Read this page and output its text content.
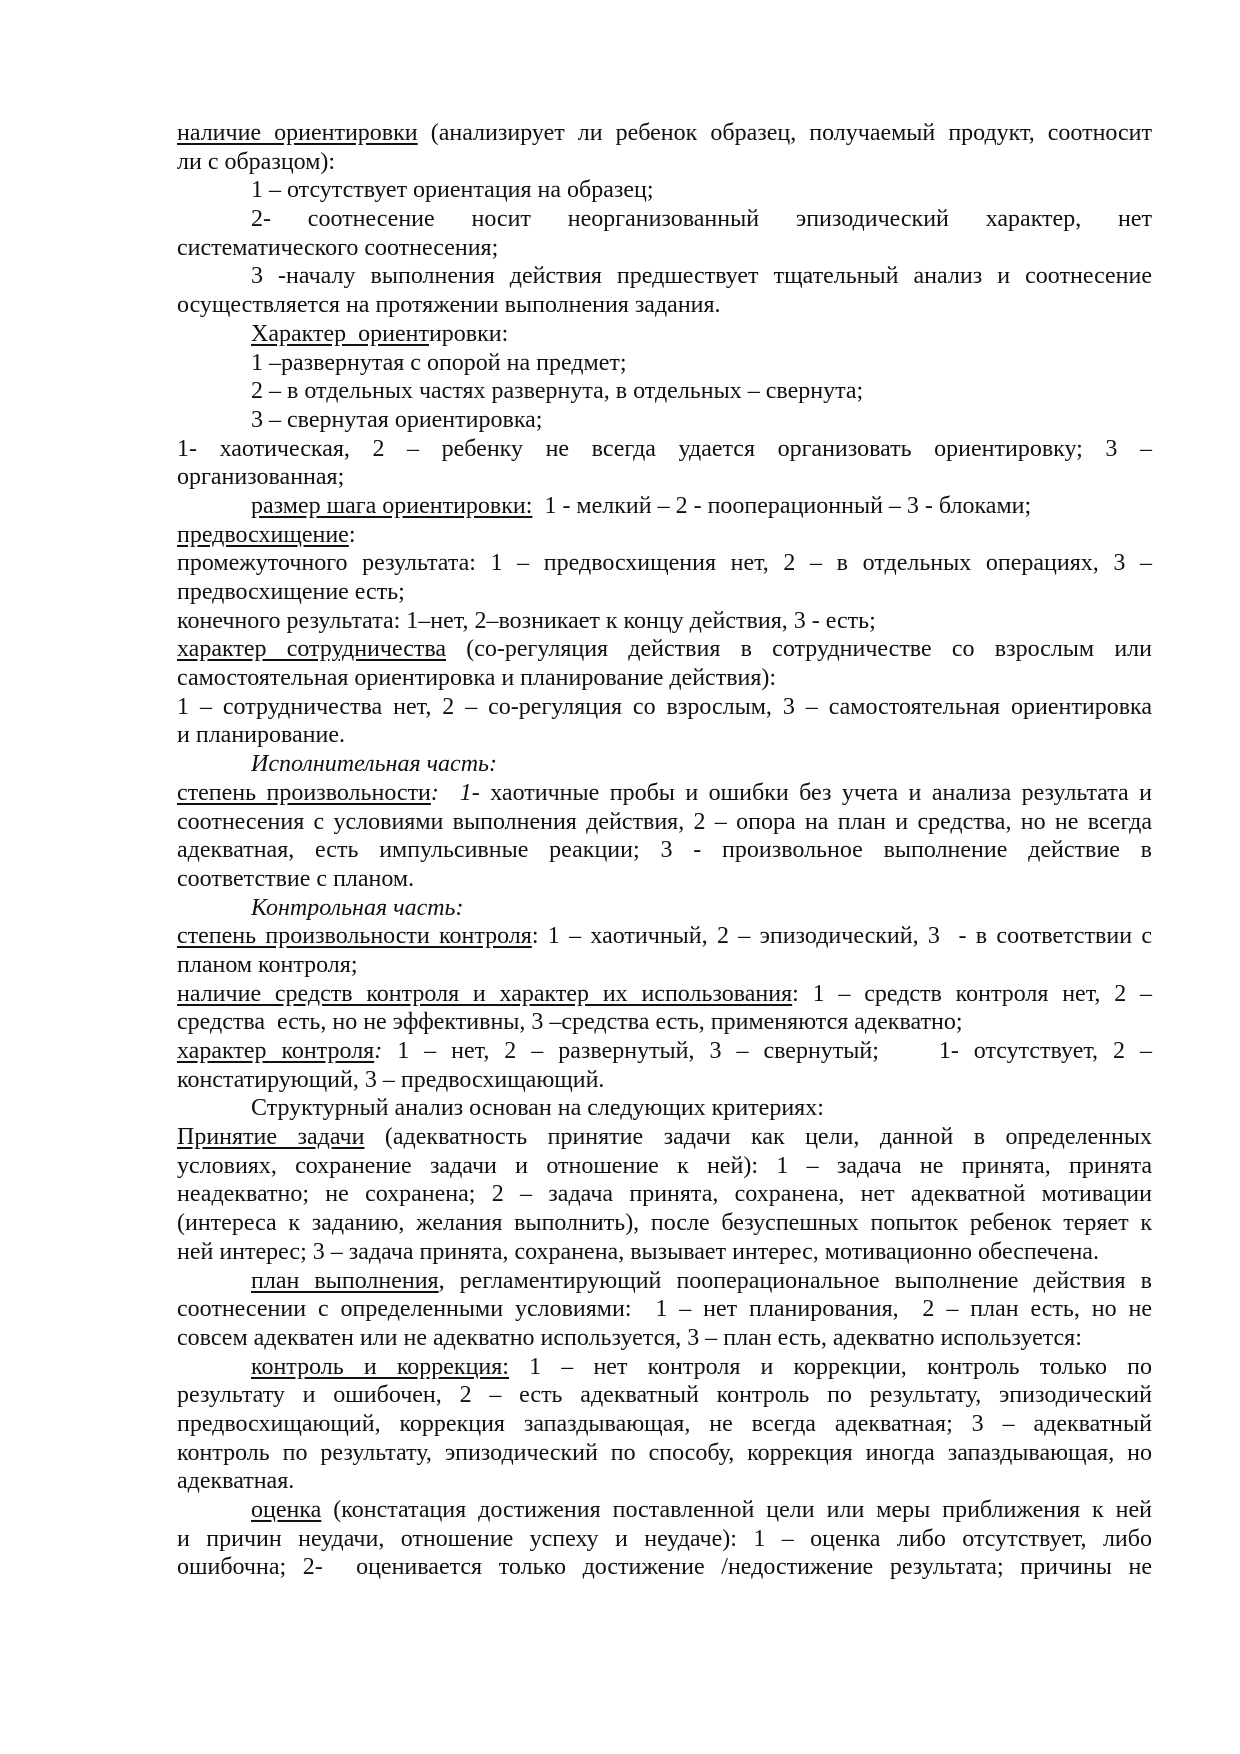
наличие ориентировки (анализирует ли ребенок образец, получаемый продукт, соотносит
ли с образцом):
1 – отсутствует ориентация на образец;
2- соотнесение носит неорганизованный эпизодический характер, нет
систематического соотнесения;
3 -началу выполнения действия предшествует тщательный анализ и соотнесение
осуществляется на протяжении выполнения задания.
Характер  ориентировки:
1 –развернутая с опорой на предмет;
2 – в отдельных частях развернута, в отдельных – свернута;
3 – свернутая ориентировка;
1- хаотическая, 2 – ребенку не всегда удается организовать ориентировку; 3 –
организованная;
размер шага ориентировки:  1 - мелкий – 2 - пооперационный – 3 - блоками;
предвосхищение:
промежуточного результата: 1 – предвосхищения нет, 2 – в отдельных операциях, 3 –
предвосхищение есть;
конечного результата: 1–нет, 2–возникает к концу действия, 3 - есть;
характер сотрудничества (со-регуляция действия в сотрудничестве со взрослым или
самостоятельная ориентировка и планирование действия):
1 – сотрудничества нет, 2 – со-регуляция со взрослым, 3 – самостоятельная ориентировка
и планирование.
Исполнительная часть:
степень произвольности:  1- хаотичные пробы и ошибки без учета и анализа результата и
соотнесения с условиями выполнения действия, 2 – опора на план и средства, но не всегда
адекватная, есть импульсивные реакции; 3 - произвольное выполнение действие в
соответствие с планом.
Контрольная часть:
степень произвольности контроля: 1 – хаотичный, 2 – эпизодический, 3  - в соответствии с
планом контроля;
наличие средств контроля и характер их использования: 1 – средств контроля нет, 2 –
средства  есть, но не эффективны, 3 –средства есть, применяются адекватно;
характер контроля: 1 – нет, 2 – развернутый, 3 – свернутый;    1- отсутствует, 2 –
констатирующий, 3 – предвосхищающий.
Структурный анализ основан на следующих критериях:
Принятие задачи (адекватность принятие задачи как цели, данной в определенных
условиях, сохранение задачи и отношение к ней): 1 – задача не принята, принята
неадекватно; не сохранена; 2 – задача принята, сохранена, нет адекватной мотивации
(интереса к заданию, желания выполнить), после безуспешных попыток ребенок теряет к
ней интерес; 3 – задача принята, сохранена, вызывает интерес, мотивационно обеспечена.
план выполнения, регламентирующий пооперациональное выполнение действия в
соотнесении с определенными условиями:  1 – нет планирования,  2 – план есть, но не
совсем адекватен или не адекватно используется, 3 – план есть, адекватно используется:
контроль и коррекция: 1 – нет контроля и коррекции, контроль только по
результату и ошибочен, 2 – есть адекватный контроль по результату, эпизодический
предвосхищающий, коррекция запаздывающая, не всегда адекватная; 3 – адекватный
контроль по результату, эпизодический по способу, коррекция иногда запаздывающая, но
адекватная.
оценка (констатация достижения поставленной цели или меры приближения к ней
и причин неудачи, отношение успеху и неудаче): 1 – оценка либо отсутствует, либо
ошибочна; 2-  оценивается только достижение /недостижение результата; причины не
